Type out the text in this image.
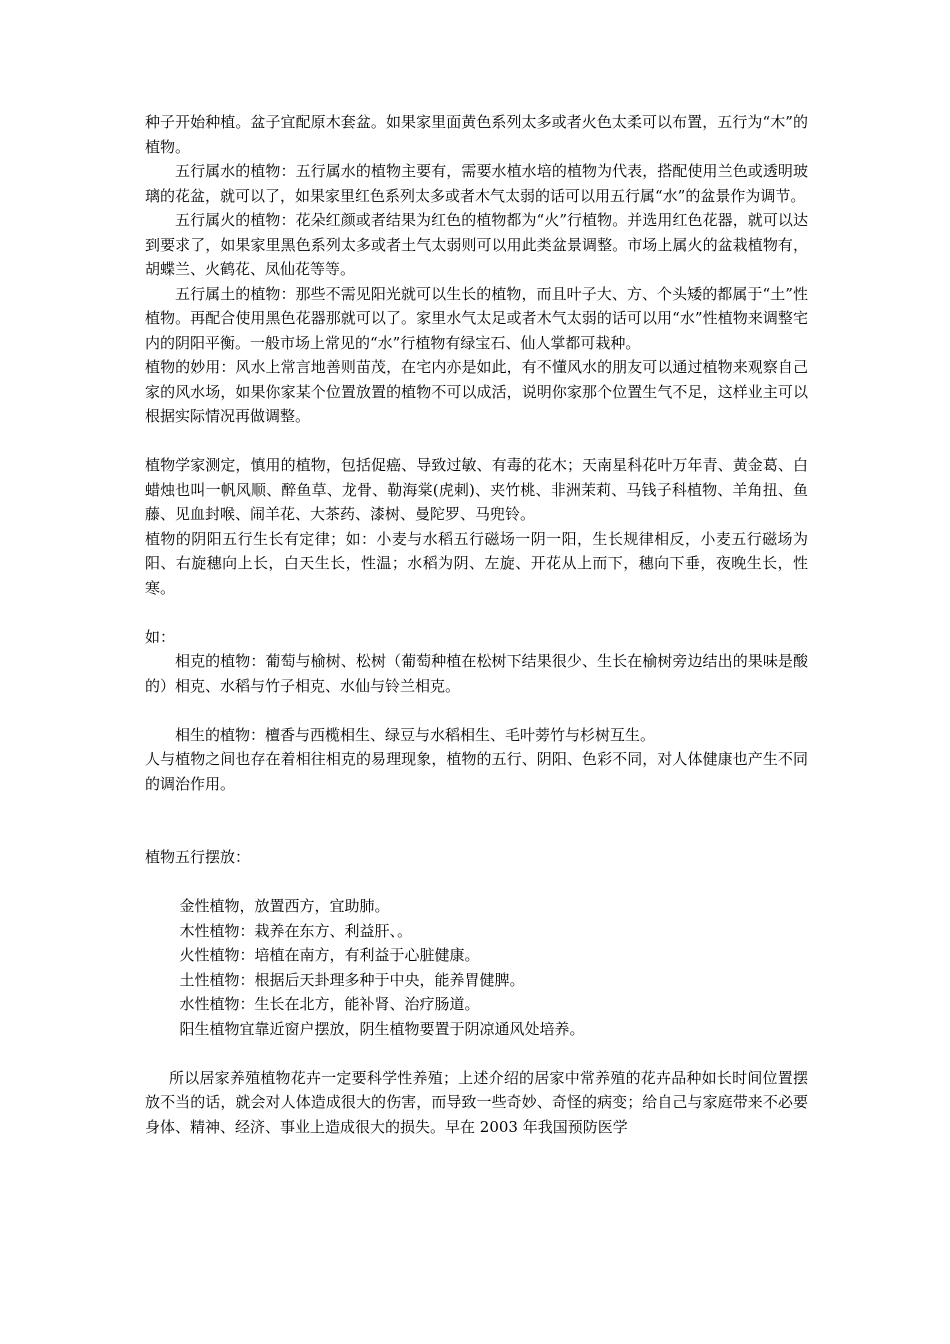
种子开始种植。盆子宜配原木套盆。如果家里面黄色系列太多或者火色太柔可以布置，五行为“木”的植物。

五行属水的植物：五行属水的植物主要有，需要水植水培的植物为代表，搭配使用兰色或透明玻璃的花盆，就可以了，如果家里红色系列太多或者木气太弱的话可以用五行属“水”的盆景作为调节。

五行属火的植物：花朵红颜或者结果为红色的植物都为“火”行植物。并选用红色花器，就可以达到要求了，如果家里黑色系列太多或者土气太弱则可以用此类盆景调整。市场上属火的盆栽植物有，胡蝶兰、火鹤花、凤仙花等等。

五行属土的植物：那些不需见阳光就可以生长的植物，而且叶子大、方、个头矮的都属于“土”性植物。再配合使用黑色花器那就可以了。家里水气太足或者木气太弱的话可以用“水”性植物来调整宅内的阴阳平衡。一般市场上常见的“水”行植物有绿宝石、仙人掌都可栽种。

植物的妙用：风水上常言地善则苗茂，在宅内亦是如此，有不懂风水的朋友可以通过植物来观察自己家的风水场，如果你家某个位置放置的植物不可以成活，说明你家那个位置生气不足，这样业主可以根据实际情况再做调整。

植物学家测定，慎用的植物，包括促癌、导致过敏、有毒的花木；天南星科花叶万年青、黄金葛、白蜡烛也叫一帆风顺、醉鱼草、龙骨、勒海棠(虎刺)、夹竹桃、非洲茉莉、马钱子科植物、羊角扭、鱼藤、见血封喉、闹羊花、大茶药、漆树、曼陀罗、马兜铃。

植物的阴阳五行生长有定律；如：小麦与水稻五行磁场一阴一阳，生长规律相反，小麦五行磁场为阳、右旋穗向上长，白天生长，性温；水稻为阴、左旋、开花从上而下，穗向下垂，夜晚生长，性寒。

如：

相克的植物：葡萄与榆树、松树（葡萄种植在松树下结果很少、生长在榆树旁边结出的果味是酸的）相克、水稻与竹子相克、水仙与铃兰相克。

相生的植物：檀香与西榄相生、绿豆与水稻相生、毛叶蒡竹与杉树互生。

人与植物之间也存在着相往相克的易理现象，植物的五行、阴阳、色彩不同，对人体健康也产生不同的调治作用。

植物五行摆放：

金性植物，放置西方，宜助肺。

木性植物：栽养在东方、利益肝、。

火性植物：培植在南方，有利益于心脏健康。

土性植物：根据后天卦理多种于中央，能养胃健脾。

水性植物：生长在北方，能补肾、治疗肠道。

阳生植物宜靠近窗户摆放，阴生植物要置于阴凉通风处培养。

所以居家养殖植物花卉一定要科学性养殖；上述介绍的居家中常养殖的花卉品种如长时间位置摆放不当的话，就会对人体造成很大的伤害，而导致一些奇妙、奇怪的病变；给自己与家庭带来不必要身体、精神、经济、事业上造成很大的损失。早在 2003 年我国预防医学
